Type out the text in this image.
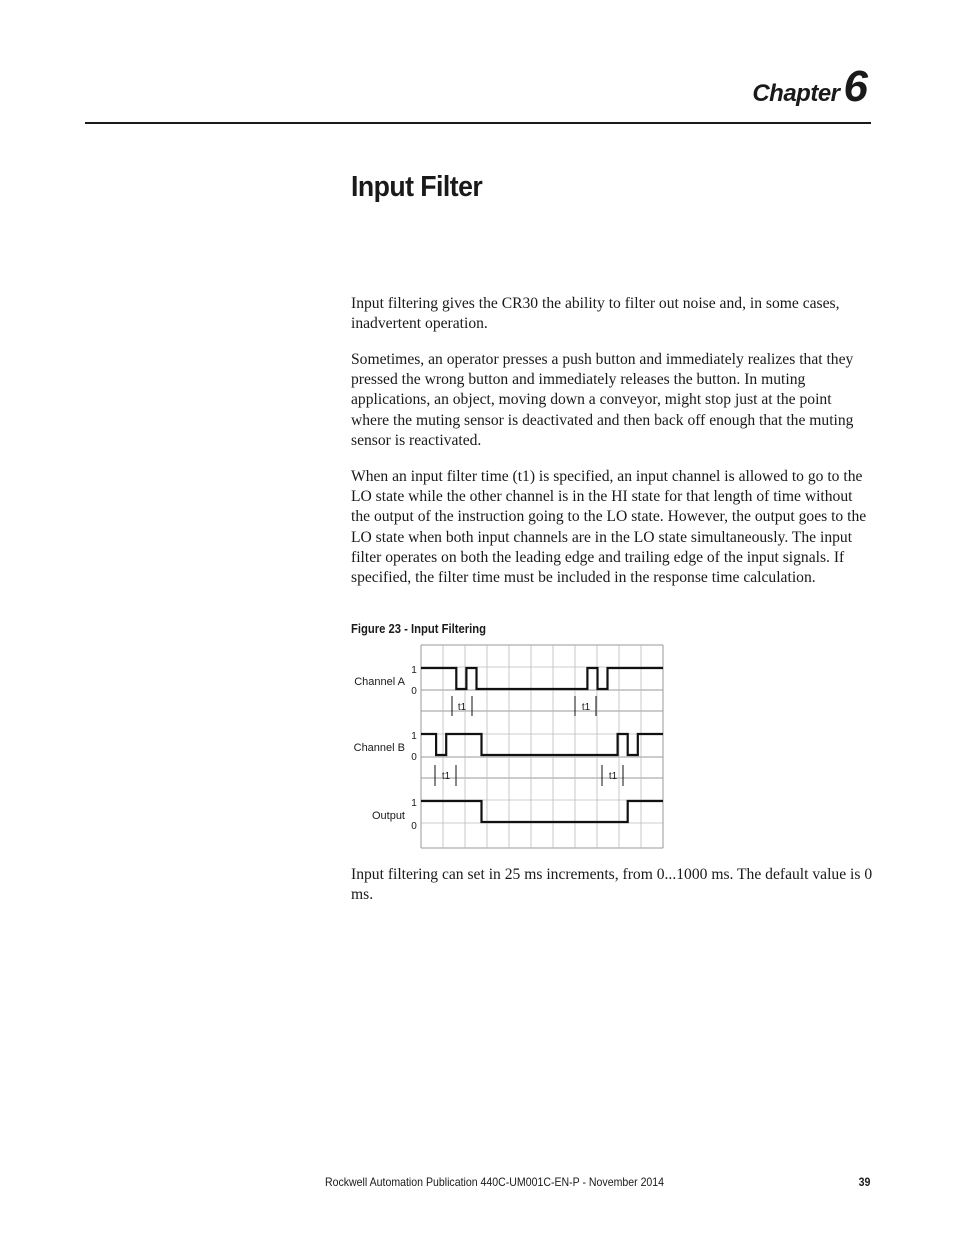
Chapter6
Input Filter

Input filtering gives the CR30 the ability to filter out noise and, in some cases, inadvertent operation.

Sometimes, an operator presses a push button and immediately realizes that they pressed the wrong button and immediately releases the button. In muting applications, an object, moving down a conveyor, might stop just at the point where the muting sensor is deactivated and then back off enough that the muting sensor is reactivated.

When an input filter time (t1) is specified, an input channel is allowed to go to the LO state while the other channel is in the HI state for that length of time without the output of the instruction going to the LO state. However, the output goes to the LO state when both input channels are in the LO state simultaneously. The input filter operates on both the leading edge and trailing edge of the input signals. If specified, the filter time must be included in the response time calculation.

Figure 23 - Input Filtering
Channel A
1
0
Channel B
1
0
Output
1
0
t1	t1
t1	t1

Input filtering can set in 25 ms increments, from 0...1000 ms. The default value is 0 ms.

Rockwell Automation Publication 440C-UM001C-EN-P - November 2014	39
